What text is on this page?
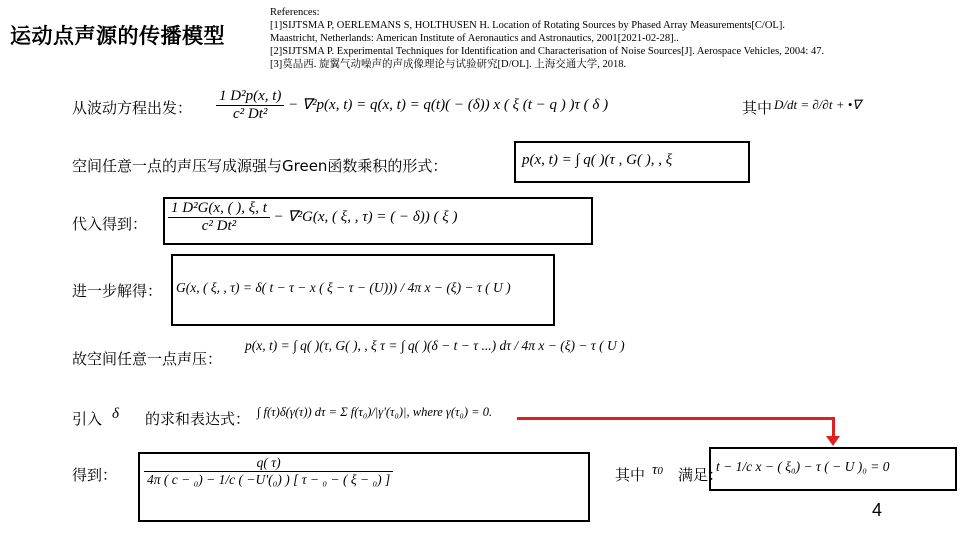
运动点声源的传播模型
References:
[1]SIJTSMA P, OERLEMANS S, HOLTHUSEN H. Location of Rotating Sources by Phased Array Measurements[C/OL].
Maastricht, Netherlands: American Institute of Aeronautics and Astronautics, 2001[2021-02-28]..
[2]SIJTSMA P. Experimental Techniques for Identification and Characterisation of Noise Sources[J]. Aerospace Vehicles, 2004: 47.
[3]莫品西. 旋翼气动噪声的声成像理论与试验研究[D/OL]. 上海交通大学, 2018.
从波动方程出发： $\frac{\text{1 D²p(x, t)}}{\text{c² Dt²}} - \nabla^2p(x$, t) = q(x, t) = q(t)( − (δ)) x ( ξ (t − q ) )τ ( δ )	其中 D/dt = ∂/∂t + •∇
空间任意一点的声压写成源强与Green函数乘积的形式：	p(x, t) = ∫ q( )(τ , G( ), , ξ
代入得到： $\frac{\text{1 D²G(x, ( ), ξ, t}}{\text{c² Dt²}} - \nabla^2G(x$, ( ξ, , τ) = ( − δ)) ( ξ )
进一步解得： G(x, ( ξ, , τ) = δ( t − τ − x ( ξ − τ − (U))) / 4π x − (ξ) − τ ( U )
故空间任意一点声压：
p(x, t) = ∫ q( )(τ, G( ), , ξ τ = ∫ q( )(δ − t − τ ...) dτ / 4π x − (ξ) − τ ( U )
引入 δ 的求和表达式： ∫ f(τ)δ(γ(τ)) dτ = Σ f(τ₀)/|γ'(τ₀)|, where γ(τ₀) = 0.
得到： $\frac{q( \tau)}{\text{4π ( c − ₀) − 1/c ( −U'(₀) ) [ τ − ₀ − ( ξ − ₀) ]}}$	其中 τ0 满足：
t − 1/c x − ( ξ₀) − τ ( − U )₀ = 0
4
